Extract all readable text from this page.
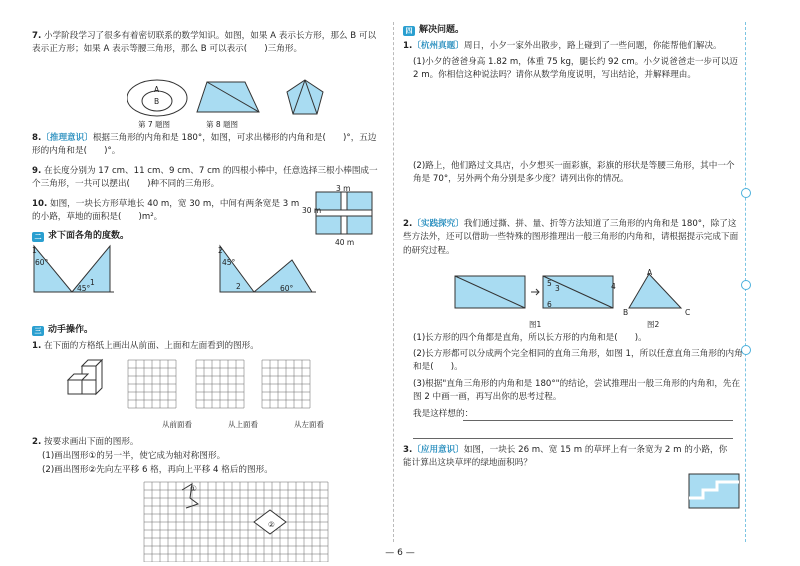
7. 小学阶段学习了很多有着密切联系的数学知识。如图，如果 A 表示长方形，那么 B 可以表示正方形；如果 A 表示等腰三角形，那么 B 可以表示(　　)三角形。
A
B
第 7 题图	第 8 题图
8.〔推理意识〕根据三角形的内角和是 180°，如图，可求出梯形的内角和是(　　)°，五边形的内角和是(　　)°。
9. 在长度分别为 17 cm、11 cm、9 cm、7 cm 的四根小棒中，任意选择三根小棒围成一个三角形，一共可以摆出(　　)种不同的三角形。
10. 如图，一块长方形草地长 40 m，宽 30 m，中间有两条宽是 3 m 的小路，草地的面积是(　　)m²。
3 m
30 m
40 m
二 求下面各角的度数。
1
60°
45°
1
2
45°
2	60°
三 动手操作。
1. 在下面的方格纸上画出从前面、上面和左面看到的图形。
从前面看	从上面看	从左面看
2. 按要求画出下面的图形。
(1)画出图形①的另一半，使它成为轴对称图形。
(2)画出图形②先向左平移 6 格，再向上平移 4 格后的图形。
①
②
四 解决问题。
1.〔杭州真题〕周日，小夕一家外出散步，路上碰到了一些问题，你能帮他们解决。
(1)小夕的爸爸身高 1.82 m，体重 75 kg，腿长约 92 cm。小夕说爸爸走一步可以迈 2 m。你相信这种说法吗？请你从数学角度说明，写出结论，并解释理由。
(2)路上，他们路过文具店，小夕想买一面彩旗，彩旗的形状是等腰三角形，其中一个角是 70°，另外两个角分别是多少度？请列出你的情况。
2.〔实践探究〕我们通过撕、拼、量、折等方法知道了三角形的内角和是 180°，除了这些方法外，还可以借助一些特殊的图形推理出一般三角形的内角和，请根据提示完成下面的研究过程。
5
3	4
6
A
B	C
图1	图2
(1)长方形的四个角都是直角，所以长方形的内角和是(　　)。
(2)长方形都可以分成两个完全相同的直角三角形，如图 1，所以任意直角三角形的内角和是(　　)。
(3)根据"直角三角形的内角和是 180°"的结论，尝试推理出一般三角形的内角和，先在图 2 中画一画，再写出你的思考过程。
我是这样想的：
3.〔应用意识〕如图，一块长 26 m、宽 15 m 的草坪上有一条宽为 2 m 的小路，你能计算出这块草坪的绿地面积吗？
— 6 —
